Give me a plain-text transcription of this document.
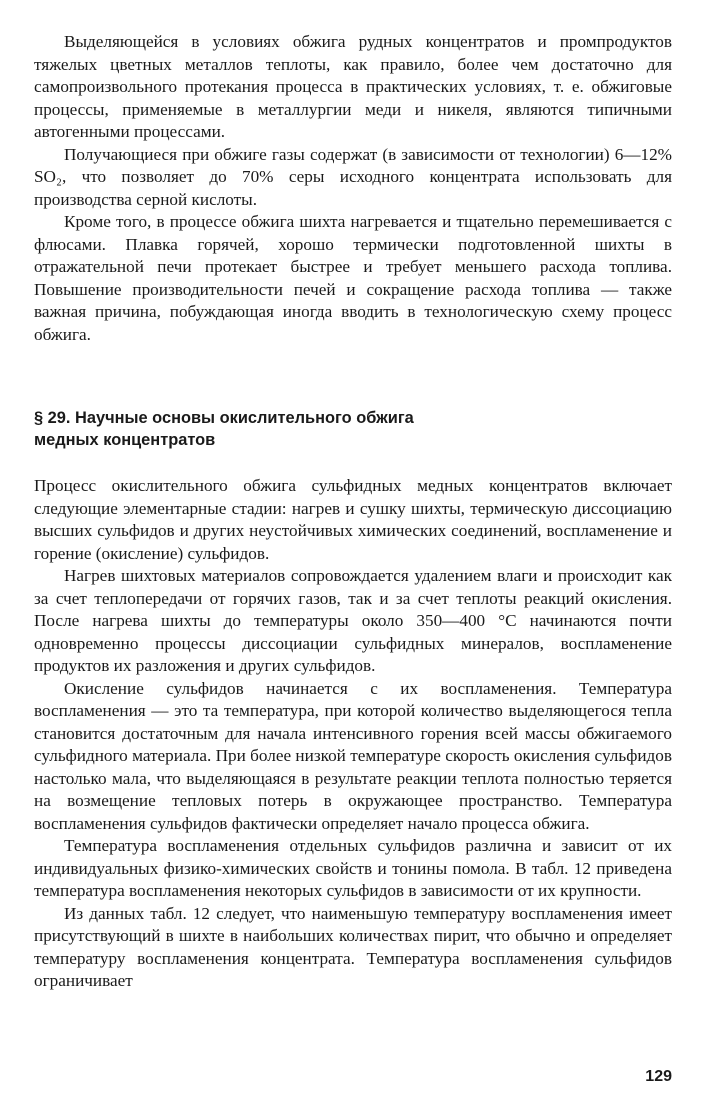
Выделяющейся в условиях обжига рудных концентратов и промпродуктов тяжелых цветных металлов теплоты, как правило, более чем достаточно для самопроизвольного протекания процесса в практических условиях, т. е. обжиговые процессы, применяемые в металлургии меди и никеля, являются типичными автогенными процессами.

Получающиеся при обжиге газы содержат (в зависимости от технологии) 6—12% SO₂, что позволяет до 70% серы исходного концентрата использовать для производства серной кислоты.

Кроме того, в процессе обжига шихта нагревается и тщательно перемешивается с флюсами. Плавка горячей, хорошо термически подготовленной шихты в отражательной печи протекает быстрее и требует меньшего расхода топлива. Повышение производительности печей и сокращение расхода топлива — также важная причина, побуждающая иногда вводить в технологическую схему процесс обжига.

§ 29. Научные основы окислительного обжига
медных концентратов

Процесс окислительного обжига сульфидных медных концентратов включает следующие элементарные стадии: нагрев и сушку шихты, термическую диссоциацию высших сульфидов и других неустойчивых химических соединений, воспламенение и горение (окисление) сульфидов.

Нагрев шихтовых материалов сопровождается удалением влаги и происходит как за счет теплопередачи от горячих газов, так и за счет теплоты реакций окисления. После нагрева шихты до температуры около 350—400 °С начинаются почти одновременно процессы диссоциации сульфидных минералов, воспламенение продуктов их разложения и других сульфидов.

Окисление сульфидов начинается с их воспламенения. Температура воспламенения — это та температура, при которой количество выделяющегося тепла становится достаточным для начала интенсивного горения всей массы обжигаемого сульфидного материала. При более низкой температуре скорость окисления сульфидов настолько мала, что выделяющаяся в результате реакции теплота полностью теряется на возмещение тепловых потерь в окружающее пространство. Температура воспламенения сульфидов фактически определяет начало процесса обжига.

Температура воспламенения отдельных сульфидов различна и зависит от их индивидуальных физико-химических свойств и тонины помола. В табл. 12 приведена температура воспламенения некоторых сульфидов в зависимости от их крупности.

Из данных табл. 12 следует, что наименьшую температуру воспламенения имеет присутствующий в шихте в наибольших количествах пирит, что обычно и определяет температуру воспламенения концентрата. Температура воспламенения сульфидов ограничивает

129
